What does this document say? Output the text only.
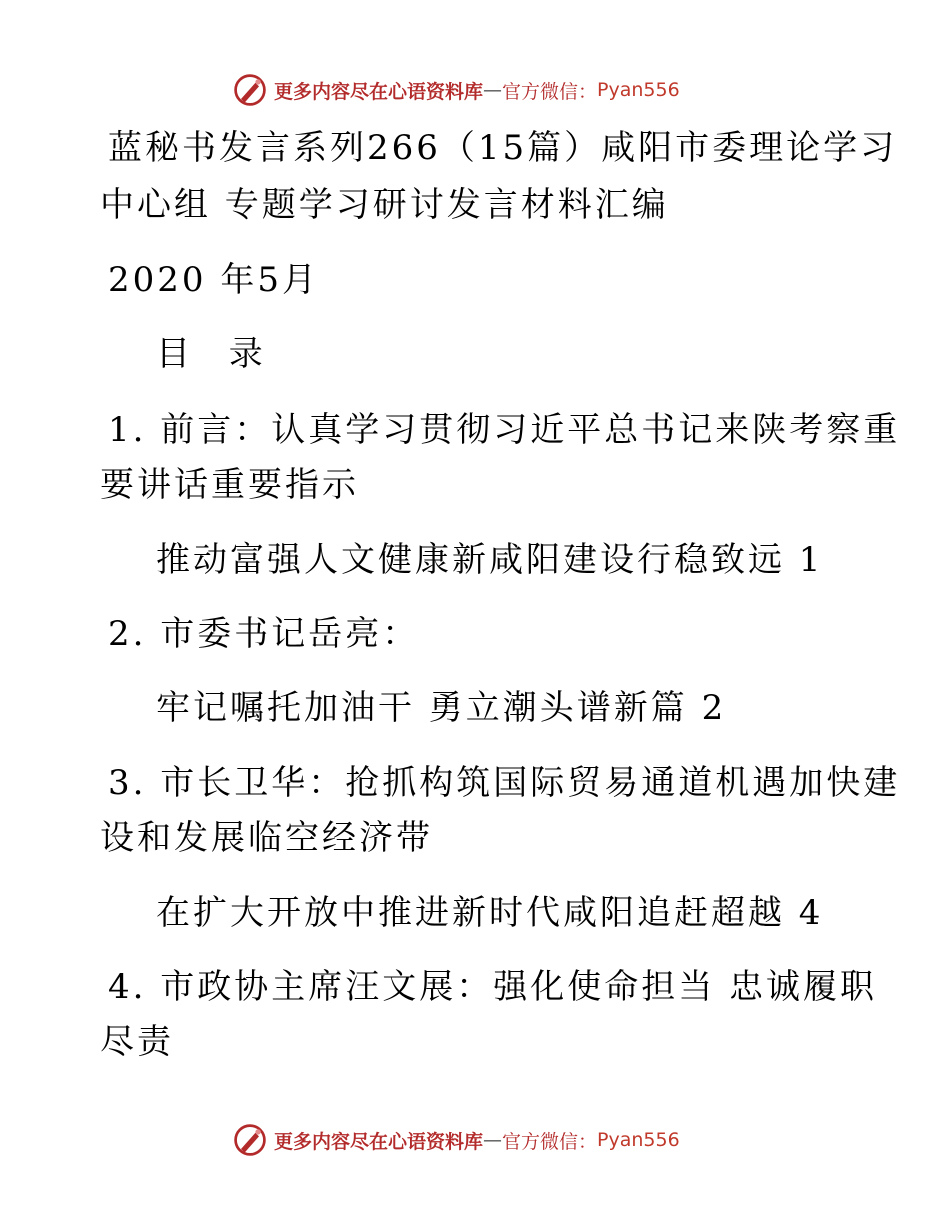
更多内容尽在心语资料库 — 官方微信： Pyan556
蓝秘书发言系列266（15篇）咸阳市委理论学习
中心组 专题学习研讨发言材料汇编
2020 年5月
目 录
1. 前言：认真学习贯彻习近平总书记来陕考察重
要讲话重要指示
推动富强人文健康新咸阳建设行稳致远 1
2. 市委书记岳亮：
牢记嘱托加油干 勇立潮头谱新篇 2
3. 市长卫华：抢抓构筑国际贸易通道机遇加快建
设和发展临空经济带
在扩大开放中推进新时代咸阳追赶超越 4
4. 市政协主席汪文展：强化使命担当 忠诚履职
尽责
更多内容尽在心语资料库 — 官方微信： Pyan556
